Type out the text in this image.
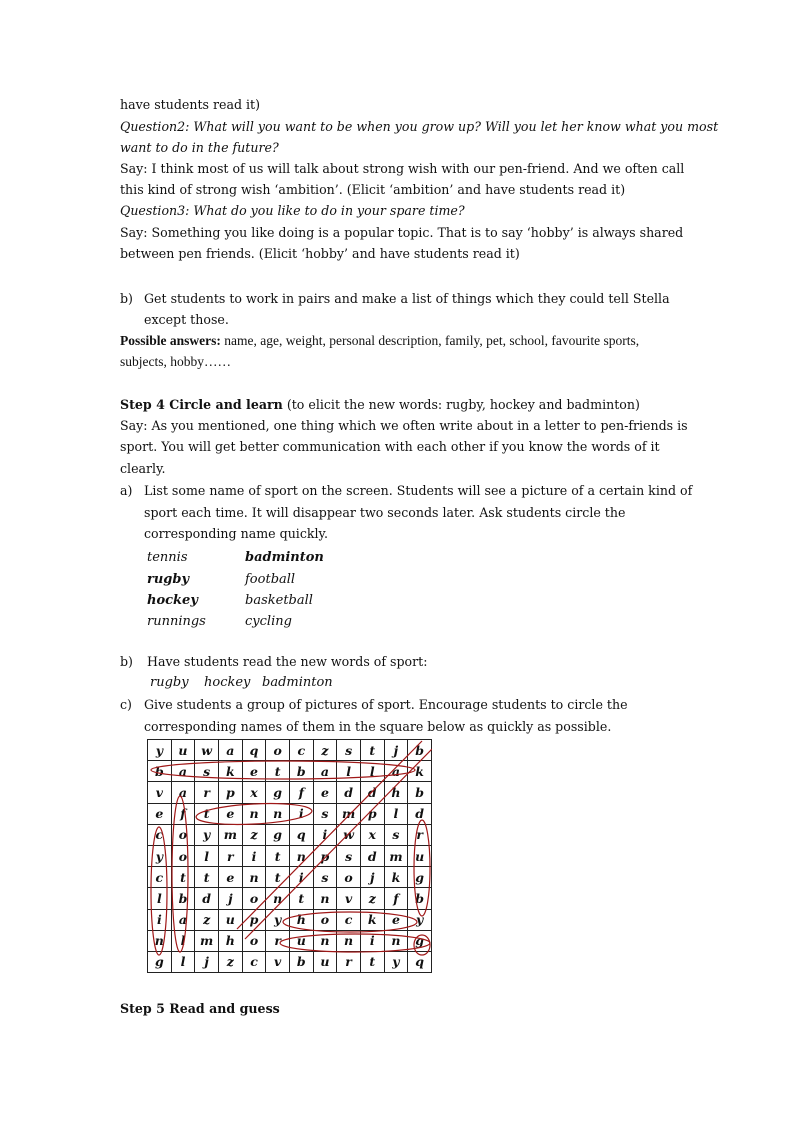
have students read it)
Question2: What will you want to be when you grow up? Will you let her know what you most
want to do in the future?
Say: I think most of us will talk about strong wish with our pen-friend. And we often call
this kind of strong wish ‘ambition’. (Elicit ‘ambition’ and have students read it)
Question3: What do you like to do in your spare time?
Say: Something you like doing is a popular topic. That is to say ‘hobby’ is always shared
between pen friends. (Elicit ‘hobby’ and have students read it)
b) Get students to work in pairs and make a list of things which they could tell Stella
except those.
Possible answers: name, age, weight, personal description, family, pet, school, favourite sports,
subjects, hobby……
Step 4 Circle and learn (to elicit the new words: rugby, hockey and badminton)
Say: As you mentioned, one thing which we often write about in a letter to pen-friends is
sport. You will get better communication with each other if you know the words of it
clearly.
a) List some name of sport on the screen. Students will see a picture of a certain kind of
sport each time. It will disappear two seconds later. Ask students circle the
corresponding name quickly.
tennis	badminton
rugby	football
hockey	basketball
runnings	cycling
b) Have students read the new words of sport:
rugby hockey badminton
c) Give students a group of pictures of sport. Encourage students to circle the
corresponding names of them in the square below as quickly as possible.
y	u	w	a	q	o	c	z	s	t	j	b
b	a	s	k	e	t	b	a	l	l	a	k
v	a	r	p	x	g	f	e	d	d	h	b
e	f	t	e	n	n	i	s	m	p	l	d
c	o	y	m	z	g	q	i	w	x	s	r
y	o	l	r	i	t	n	p	s	d	m	u
c	t	t	e	n	t	i	s	o	j	k	g
l	b	d	j	o	n	t	n	v	z	f	b
i	a	z	u	p	y	h	o	c	k	e	y
n	l	m	h	o	r	u	n	n	i	n	g
g	l	j	z	c	v	b	u	r	t	y	q
Step 5 Read and guess
